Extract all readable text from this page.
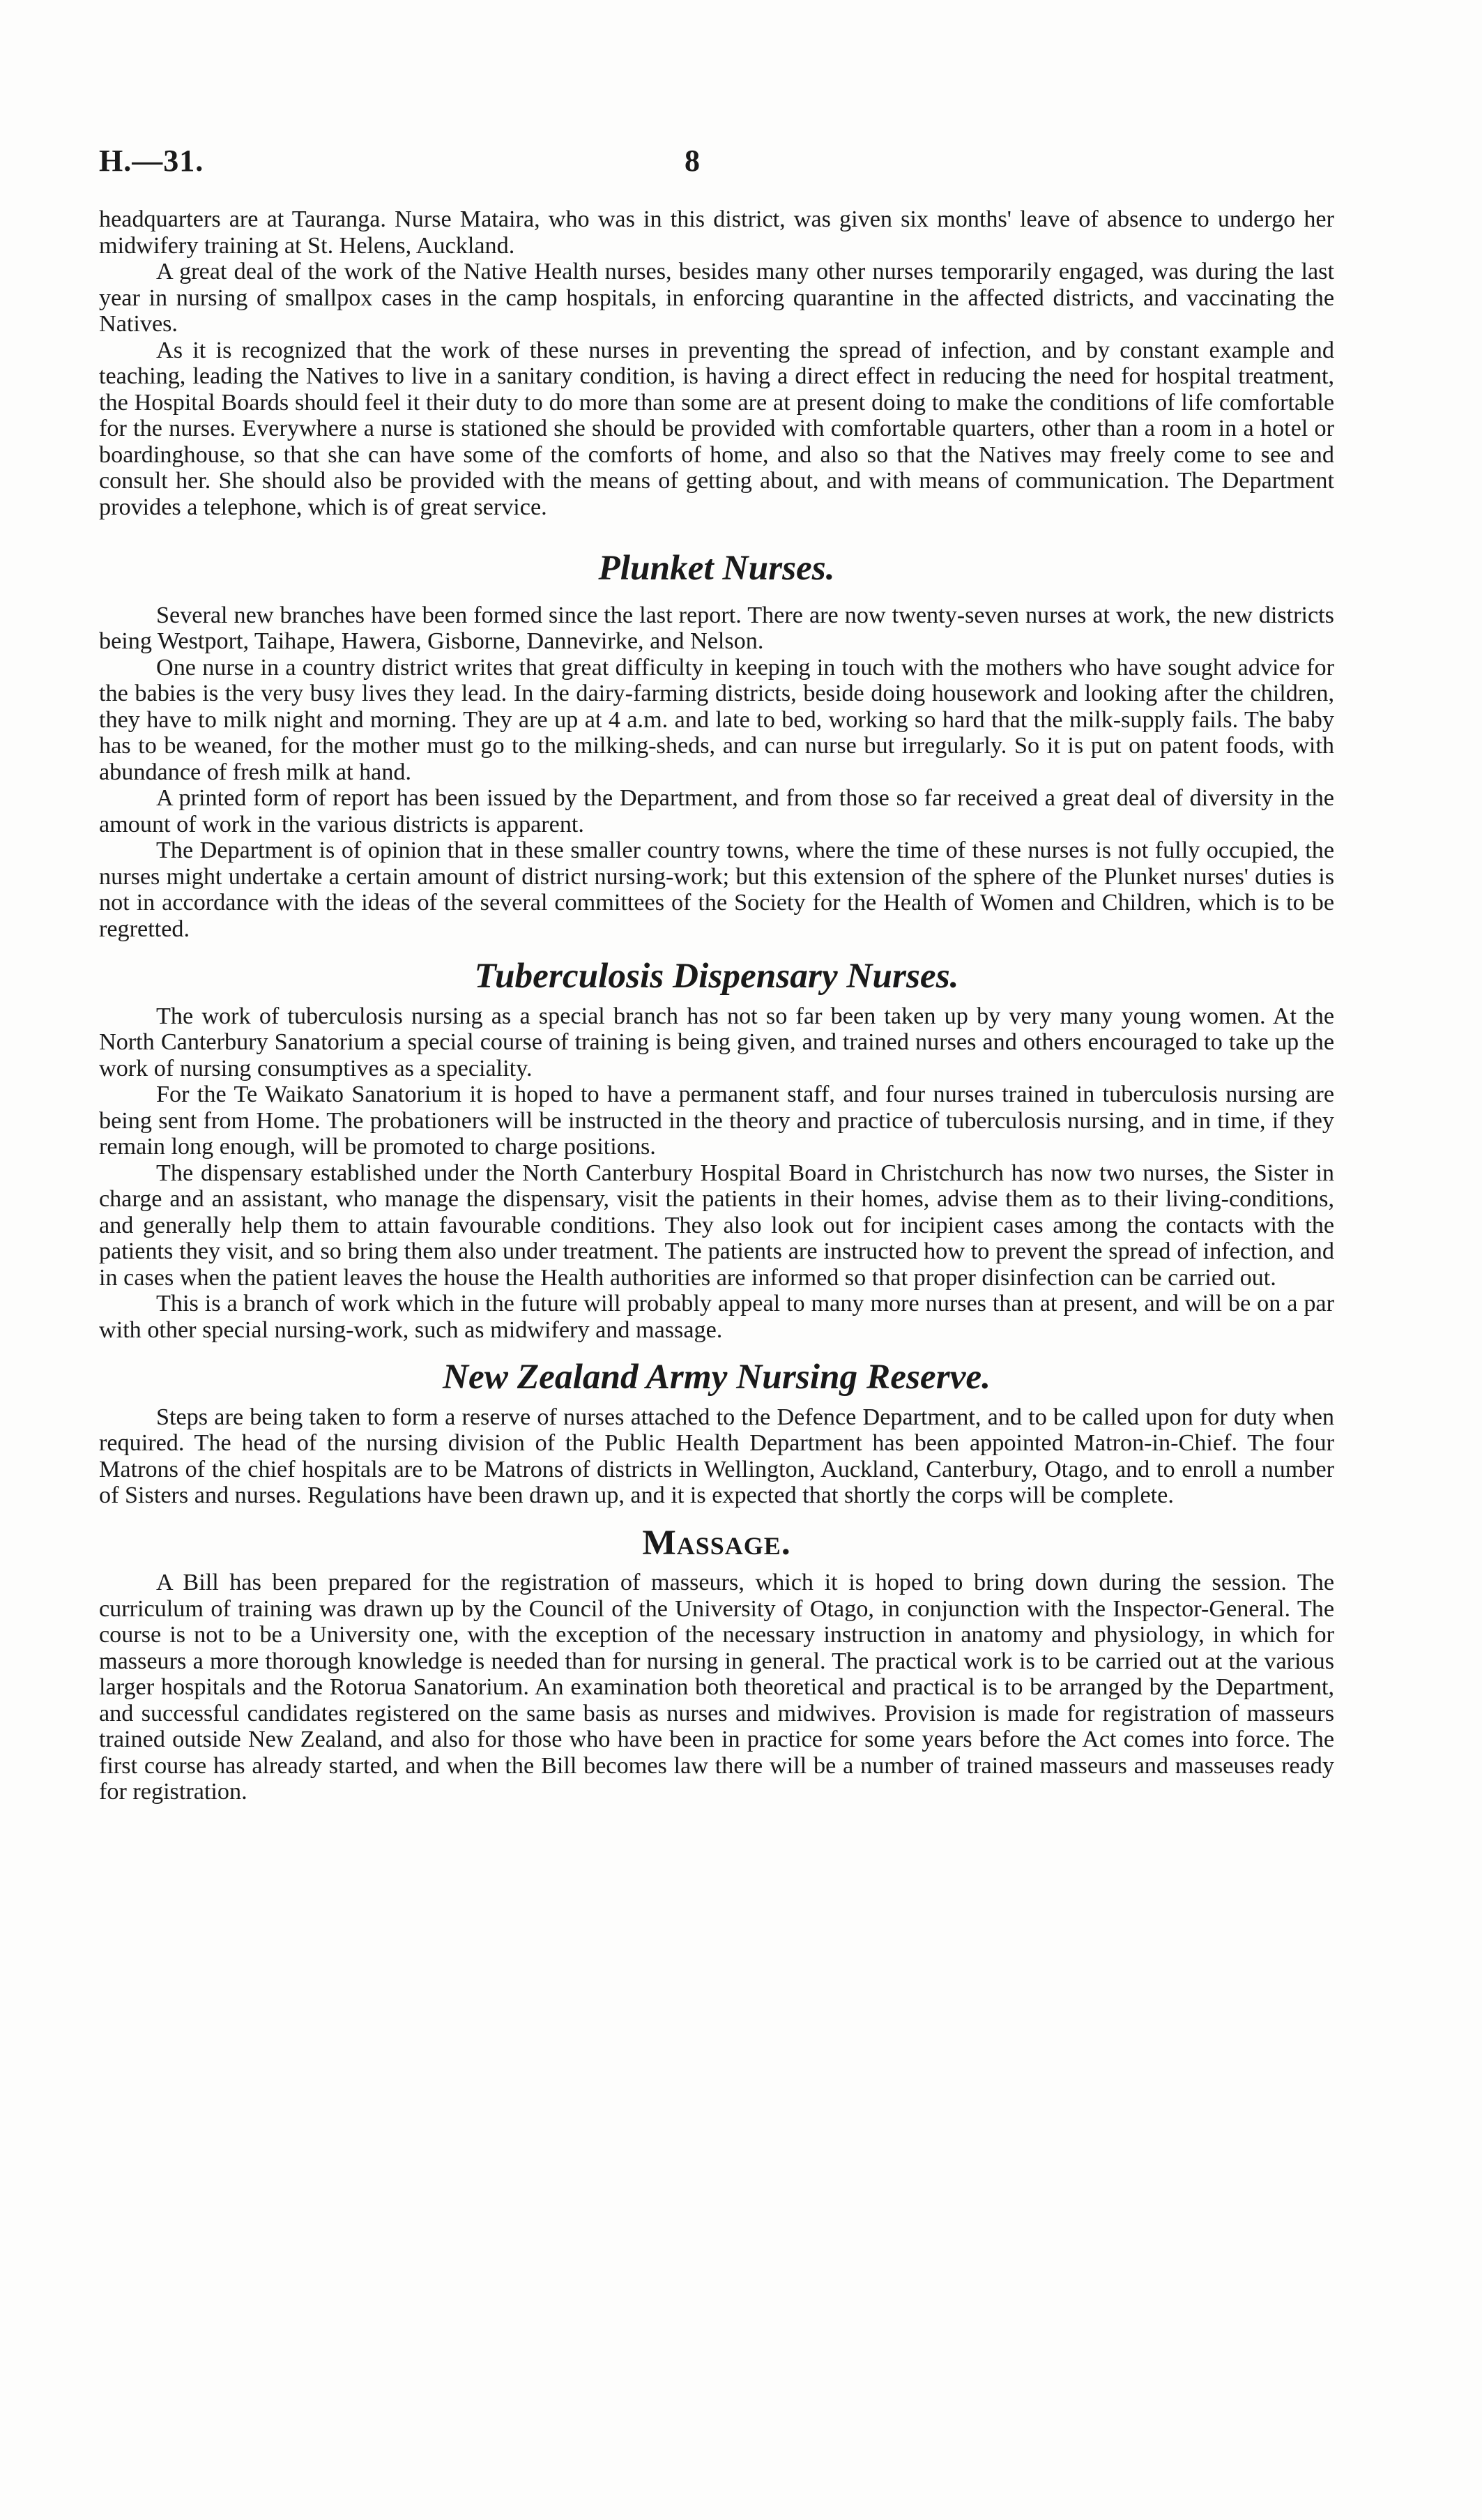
H.—31.	8

headquarters are at Tauranga. Nurse Mataira, who was in this district, was given six months' leave of absence to undergo her midwifery training at St. Helens, Auckland.

A great deal of the work of the Native Health nurses, besides many other nurses temporarily engaged, was during the last year in nursing of smallpox cases in the camp hospitals, in enforcing quarantine in the affected districts, and vaccinating the Natives.

As it is recognized that the work of these nurses in preventing the spread of infection, and by constant example and teaching, leading the Natives to live in a sanitary condition, is having a direct effect in reducing the need for hospital treatment, the Hospital Boards should feel it their duty to do more than some are at present doing to make the conditions of life comfortable for the nurses. Everywhere a nurse is stationed she should be provided with comfortable quarters, other than a room in a hotel or boardinghouse, so that she can have some of the comforts of home, and also so that the Natives may freely come to see and consult her. She should also be provided with the means of getting about, and with means of communication. The Department provides a telephone, which is of great service.

Plunket Nurses.

Several new branches have been formed since the last report. There are now twenty-seven nurses at work, the new districts being Westport, Taihape, Hawera, Gisborne, Dannevirke, and Nelson.

One nurse in a country district writes that great difficulty in keeping in touch with the mothers who have sought advice for the babies is the very busy lives they lead. In the dairy-farming districts, beside doing housework and looking after the children, they have to milk night and morning. They are up at 4 a.m. and late to bed, working so hard that the milk-supply fails. The baby has to be weaned, for the mother must go to the milking-sheds, and can nurse but irregularly. So it is put on patent foods, with abundance of fresh milk at hand.

A printed form of report has been issued by the Department, and from those so far received a great deal of diversity in the amount of work in the various districts is apparent.

The Department is of opinion that in these smaller country towns, where the time of these nurses is not fully occupied, the nurses might undertake a certain amount of district nursing-work; but this extension of the sphere of the Plunket nurses' duties is not in accordance with the ideas of the several committees of the Society for the Health of Women and Children, which is to be regretted.

Tuberculosis Dispensary Nurses.

The work of tuberculosis nursing as a special branch has not so far been taken up by very many young women. At the North Canterbury Sanatorium a special course of training is being given, and trained nurses and others encouraged to take up the work of nursing consumptives as a speciality.

For the Te Waikato Sanatorium it is hoped to have a permanent staff, and four nurses trained in tuberculosis nursing are being sent from Home. The probationers will be instructed in the theory and practice of tuberculosis nursing, and in time, if they remain long enough, will be promoted to charge positions.

The dispensary established under the North Canterbury Hospital Board in Christchurch has now two nurses, the Sister in charge and an assistant, who manage the dispensary, visit the patients in their homes, advise them as to their living-conditions, and generally help them to attain favourable conditions. They also look out for incipient cases among the contacts with the patients they visit, and so bring them also under treatment. The patients are instructed how to prevent the spread of infection, and in cases when the patient leaves the house the Health authorities are informed so that proper disinfection can be carried out.

This is a branch of work which in the future will probably appeal to many more nurses than at present, and will be on a par with other special nursing-work, such as midwifery and massage.

New Zealand Army Nursing Reserve.

Steps are being taken to form a reserve of nurses attached to the Defence Department, and to be called upon for duty when required. The head of the nursing division of the Public Health Department has been appointed Matron-in-Chief. The four Matrons of the chief hospitals are to be Matrons of districts in Wellington, Auckland, Canterbury, Otago, and to enroll a number of Sisters and nurses. Regulations have been drawn up, and it is expected that shortly the corps will be complete.

Massage.

A Bill has been prepared for the registration of masseurs, which it is hoped to bring down during the session. The curriculum of training was drawn up by the Council of the University of Otago, in conjunction with the Inspector-General. The course is not to be a University one, with the exception of the necessary instruction in anatomy and physiology, in which for masseurs a more thorough knowledge is needed than for nursing in general. The practical work is to be carried out at the various larger hospitals and the Rotorua Sanatorium. An examination both theoretical and practical is to be arranged by the Department, and successful candidates registered on the same basis as nurses and midwives. Provision is made for registration of masseurs trained outside New Zealand, and also for those who have been in practice for some years before the Act comes into force. The first course has already started, and when the Bill becomes law there will be a number of trained masseurs and masseuses ready for registration.
